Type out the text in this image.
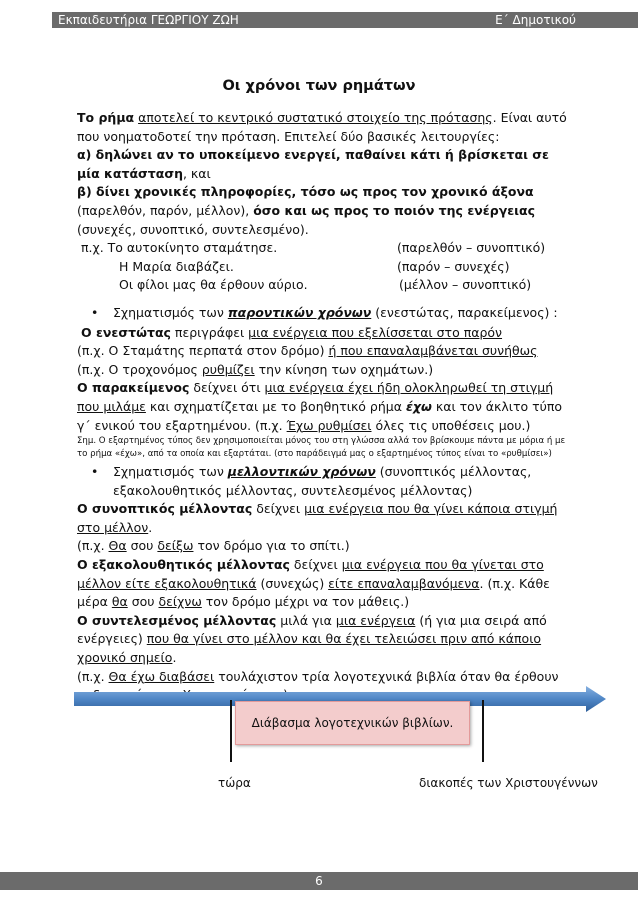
Εκπαιδευτήρια ΓΕΩΡΓΙΟΥ ΖΩΗ	Ε΄ Δημοτικού
Οι χρόνοι των ρημάτων

Το ρήμα αποτελεί το κεντρικό συστατικό στοιχείο της πρότασης. Είναι αυτό που νοηματοδοτεί την πρόταση. Επιτελεί δύο βασικές λειτουργίες:

α) δηλώνει αν το υποκείμενο ενεργεί, παθαίνει κάτι ή βρίσκεται σε μία κατάσταση, και

β) δίνει χρονικές πληροφορίες, τόσο ως προς τον χρονικό άξονα (παρελθόν, παρόν, μέλλον), όσο και ως προς το ποιόν της ενέργειας (συνεχές, συνοπτικό, συντελεσμένο).

π.χ. Το αυτοκίνητο σταμάτησε.	(παρελθόν – συνοπτικό)
Η Μαρία διαβάζει.	(παρόν – συνεχές)
Οι φίλοι μας θα έρθουν αύριο.	(μέλλον – συνοπτικό)

• Σχηματισμός των παροντικών χρόνων (ενεστώτας, παρακείμενος) :

Ο ενεστώτας περιγράφει μια ενέργεια που εξελίσσεται στο παρόν

(π.χ. Ο Σταμάτης περπατά στον δρόμο) ή που επαναλαμβάνεται συνήθως

(π.χ. Ο τροχονόμος ρυθμίζει την κίνηση των οχημάτων.)

Ο παρακείμενος δείχνει ότι μια ενέργεια έχει ήδη ολοκληρωθεί τη στιγμή που μιλάμε και σχηματίζεται με το βοηθητικό ρήμα έχω και τον άκλιτο τύπο γ΄ ενικού του εξαρτημένου. (π.χ. Έχω ρυθμίσει όλες τις υποθέσεις μου.)

Σημ. Ο εξαρτημένος τύπος δεν χρησιμοποιείται μόνος του στη γλώσσα αλλά τον βρίσκουμε πάντα με μόρια ή με το ρήμα «έχω», από τα οποία και εξαρτάται. (στο παράδειγμά μας ο εξαρτημένος τύπος είναι το «ρυθμίσει»)

• Σχηματισμός των μελλοντικών χρόνων (συνοπτικός μέλλοντας, εξακολουθητικός μέλλοντας, συντελεσμένος μέλλοντας)

Ο συνοπτικός μέλλοντας δείχνει μια ενέργεια που θα γίνει κάποια στιγμή στο μέλλον.

(π.χ. Θα σου δείξω τον δρόμο για το σπίτι.)

Ο εξακολουθητικός μέλλοντας δείχνει μια ενέργεια που θα γίνεται στο μέλλον είτε εξακολουθητικά (συνεχώς) είτε επαναλαμβανόμενα. (π.χ. Κάθε μέρα θα σου δείχνω τον δρόμο μέχρι να τον μάθεις.)

Ο συντελεσμένος μέλλοντας μιλά για μια ενέργεια (ή για μια σειρά από ενέργειες) που θα γίνει στο μέλλον και θα έχει τελειώσει πριν από κάποιο χρονικό σημείο.

(π.χ. Θα έχω διαβάσει τουλάχιστον τρία λογοτεχνικά βιβλία όταν θα έρθουν

Διάβασμα λογοτεχνικών βιβλίων.
τώρα	διακοπές των Χριστουγέννων
6
